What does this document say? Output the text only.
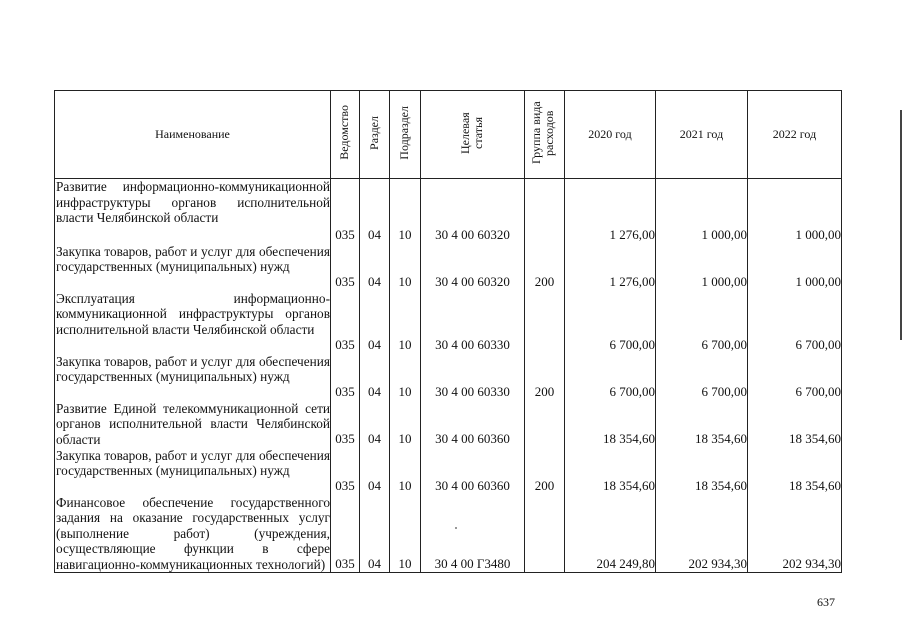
Наименование	Ведомство	Раздел	Подраздел	Целевая статья	Группа вида расходов	2020 год	2021 год	2022 год
Развитие информационно-коммуникационной инфраструктуры органов исполнительной власти Челябинской области	035	04	10	30 4 00 60320		1 276,00	1 000,00	1 000,00
Закупка товаров, работ и услуг для обеспечения государственных (муниципальных) нужд	035	04	10	30 4 00 60320	200	1 276,00	1 000,00	1 000,00
Эксплуатация информационно-коммуникационной инфраструктуры органов исполнительной власти Челябинской области	035	04	10	30 4 00 60330		6 700,00	6 700,00	6 700,00
Закупка товаров, работ и услуг для обеспечения государственных (муниципальных) нужд	035	04	10	30 4 00 60330	200	6 700,00	6 700,00	6 700,00
Развитие Единой телекоммуникационной сети органов исполнительной власти Челябинской области	035	04	10	30 4 00 60360		18 354,60	18 354,60	18 354,60
Закупка товаров, работ и услуг для обеспечения государственных (муниципальных) нужд	035	04	10	30 4 00 60360	200	18 354,60	18 354,60	18 354,60
Финансовое обеспечение государственного задания на оказание государственных услуг (выполнение работ) (учреждения, осуществляющие функции в сфере навигационно-коммуникационных технологий)	035	04	10	30 4 00 Г3480		204 249,80	202 934,30	202 934,30
637
